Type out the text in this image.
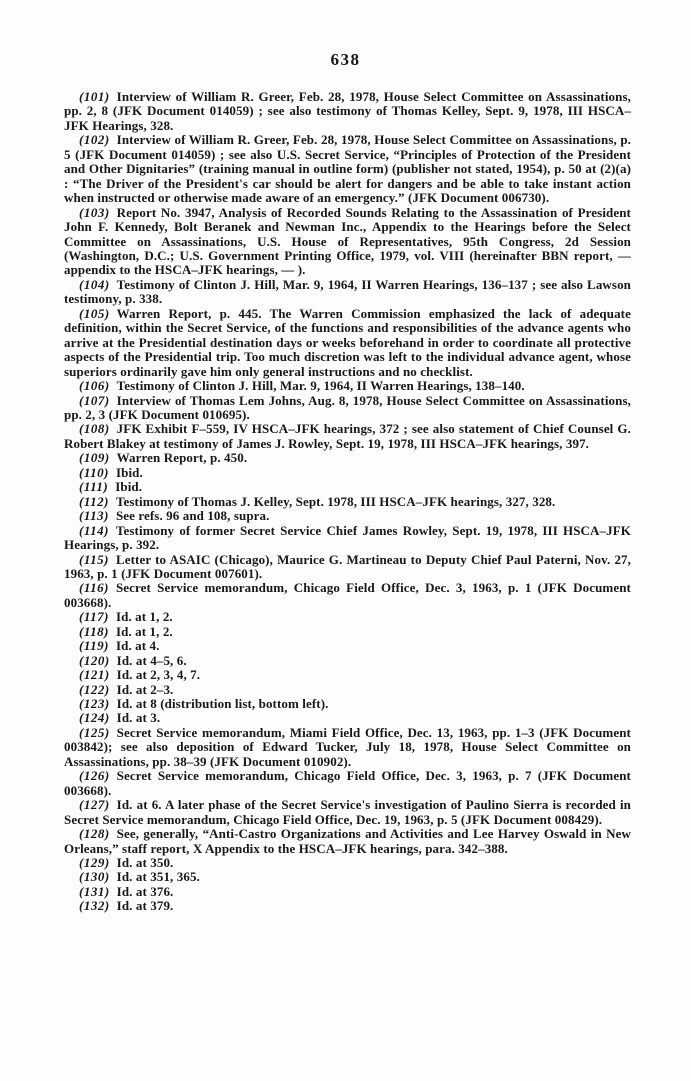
638

(101) Interview of William R. Greer, Feb. 28, 1978, House Select Committee on Assassinations, pp. 2, 8 (JFK Document 014059) ; see also testimony of Thomas Kelley, Sept. 9, 1978, III HSCA–JFK Hearings, 328.

(102) Interview of William R. Greer, Feb. 28, 1978, House Select Committee on Assassinations, p. 5 (JFK Document 014059) ; see also U.S. Secret Service, “Principles of Protection of the President and Other Dignitaries” (training manual in outline form) (publisher not stated, 1954), p. 50 at (2)(a) : “The Driver of the President's car should be alert for dangers and be able to take instant action when instructed or otherwise made aware of an emergency.” (JFK Document 006730).

(103) Report No. 3947, Analysis of Recorded Sounds Relating to the Assassination of President John F. Kennedy, Bolt Beranek and Newman Inc., Appendix to the Hearings before the Select Committee on Assassinations, U.S. House of Representatives, 95th Congress, 2d Session (Washington, D.C.; U.S. Government Printing Office, 1979, vol. VIII (hereinafter BBN report, — appendix to the HSCA–JFK hearings, — ).

(104) Testimony of Clinton J. Hill, Mar. 9, 1964, II Warren Hearings, 136–137 ; see also Lawson testimony, p. 338.

(105) Warren Report, p. 445. The Warren Commission emphasized the lack of adequate definition, within the Secret Service, of the functions and responsibilities of the advance agents who arrive at the Presidential destination days or weeks beforehand in order to coordinate all protective aspects of the Presidential trip. Too much discretion was left to the individual advance agent, whose superiors ordinarily gave him only general instructions and no checklist.

(106) Testimony of Clinton J. Hill, Mar. 9, 1964, II Warren Hearings, 138–140.

(107) Interview of Thomas Lem Johns, Aug. 8, 1978, House Select Committee on Assassinations, pp. 2, 3 (JFK Document 010695).

(108) JFK Exhibit F–559, IV HSCA–JFK hearings, 372 ; see also statement of Chief Counsel G. Robert Blakey at testimony of James J. Rowley, Sept. 19, 1978, III HSCA–JFK hearings, 397.

(109) Warren Report, p. 450.

(110) Ibid.

(111) Ibid.

(112) Testimony of Thomas J. Kelley, Sept. 1978, III HSCA–JFK hearings, 327, 328.

(113) See refs. 96 and 108, supra.

(114) Testimony of former Secret Service Chief James Rowley, Sept. 19, 1978, III HSCA–JFK Hearings, p. 392.

(115) Letter to ASAIC (Chicago), Maurice G. Martineau to Deputy Chief Paul Paterni, Nov. 27, 1963, p. 1 (JFK Document 007601).

(116) Secret Service memorandum, Chicago Field Office, Dec. 3, 1963, p. 1 (JFK Document 003668).

(117) Id. at 1, 2.

(118) Id. at 1, 2.

(119) Id. at 4.

(120) Id. at 4–5, 6.

(121) Id. at 2, 3, 4, 7.

(122) Id. at 2–3.

(123) Id. at 8 (distribution list, bottom left).

(124) Id. at 3.

(125) Secret Service memorandum, Miami Field Office, Dec. 13, 1963, pp. 1–3 (JFK Document 003842); see also deposition of Edward Tucker, July 18, 1978, House Select Committee on Assassinations, pp. 38–39 (JFK Document 010902).

(126) Secret Service memorandum, Chicago Field Office, Dec. 3, 1963, p. 7 (JFK Document 003668).

(127) Id. at 6. A later phase of the Secret Service's investigation of Paulino Sierra is recorded in Secret Service memorandum, Chicago Field Office, Dec. 19, 1963, p. 5 (JFK Document 008429).

(128) See, generally, “Anti-Castro Organizations and Activities and Lee Harvey Oswald in New Orleans,” staff report, X Appendix to the HSCA–JFK hearings, para. 342–388.

(129) Id. at 350.

(130) Id. at 351, 365.

(131) Id. at 376.

(132) Id. at 379.
